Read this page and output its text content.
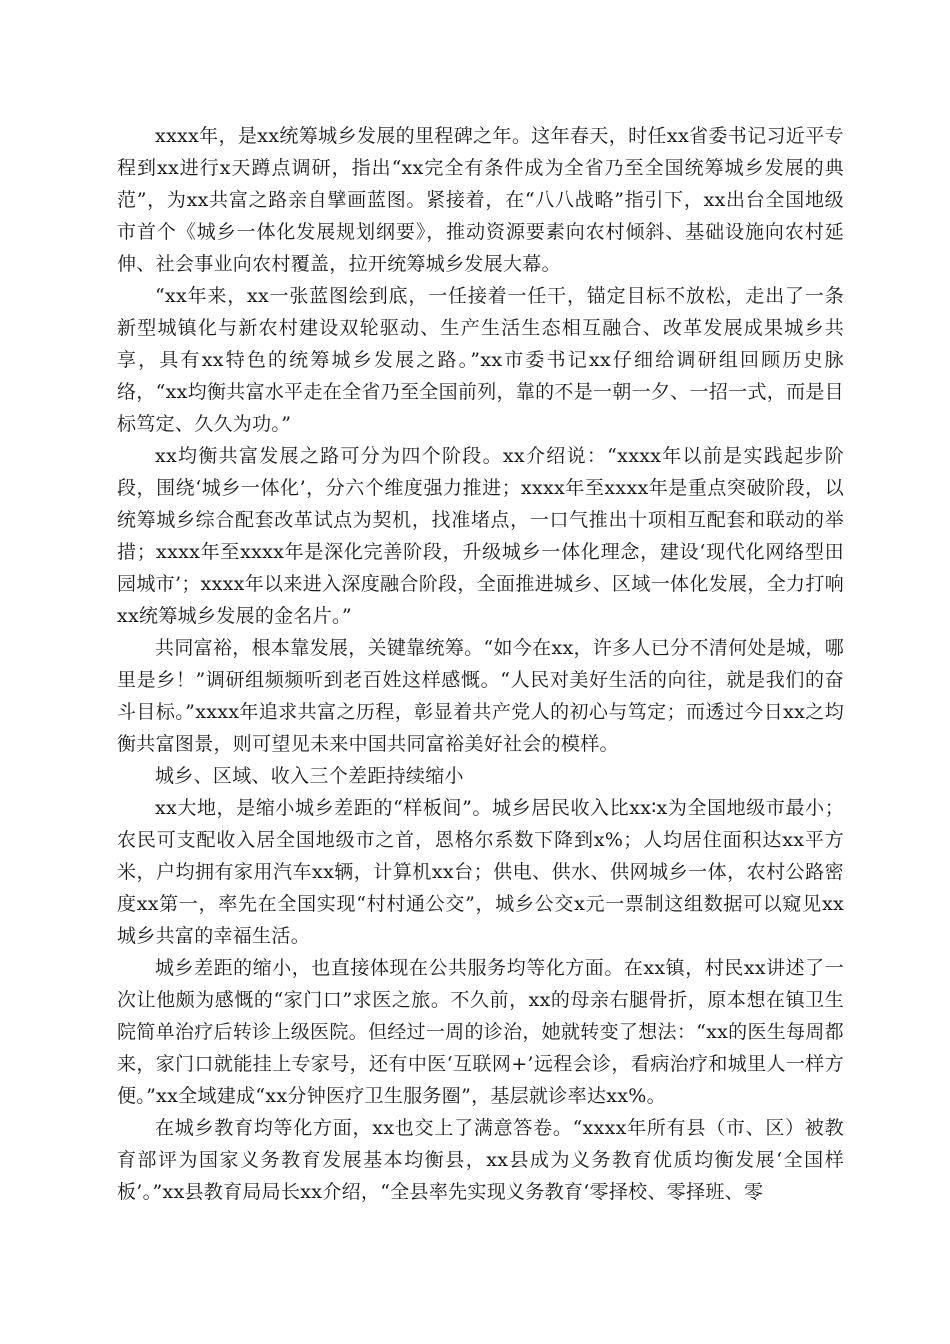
xxxx年，是xx统筹城乡发展的里程碑之年。这年春天，时任xx省委书记习近平专程到xx进行x天蹲点调研，指出“xx完全有条件成为全省乃至全国统筹城乡发展的典范”，为xx共富之路亲自擘画蓝图。紧接着，在“八八战略”指引下，xx出台全国地级市首个《城乡一体化发展规划纲要》，推动资源要素向农村倾斜、基础设施向农村延伸、社会事业向农村覆盖，拉开统筹城乡发展大幕。

“xx年来，xx一张蓝图绘到底，一任接着一任干，锚定目标不放松，走出了一条新型城镇化与新农村建设双轮驱动、生产生活生态相互融合、改革发展成果城乡共享，具有xx特色的统筹城乡发展之路。”xx市委书记xx仔细给调研组回顾历史脉络，“xx均衡共富水平走在全省乃至全国前列，靠的不是一朝一夕、一招一式，而是目标笃定、久久为功。”

xx均衡共富发展之路可分为四个阶段。xx介绍说：“xxxx年以前是实践起步阶段，围绕‘城乡一体化’，分六个维度强力推进；xxxx年至xxxx年是重点突破阶段，以统筹城乡综合配套改革试点为契机，找准堵点，一口气推出十项相互配套和联动的举措；xxxx年至xxxx年是深化完善阶段，升级城乡一体化理念，建设‘现代化网络型田园城市’；xxxx年以来进入深度融合阶段，全面推进城乡、区域一体化发展，全力打响xx统筹城乡发展的金名片。”

共同富裕，根本靠发展，关键靠统筹。“如今在xx，许多人已分不清何处是城，哪里是乡！”调研组频频听到老百姓这样感慨。“人民对美好生活的向往，就是我们的奋斗目标。”xxxx年追求共富之历程，彰显着共产党人的初心与笃定；而透过今日xx之均衡共富图景，则可望见未来中国共同富裕美好社会的模样。

城乡、区域、收入三个差距持续缩小

xx大地，是缩小城乡差距的“样板间”。城乡居民收入比xx∶x为全国地级市最小；农民可支配收入居全国地级市之首，恩格尔系数下降到x%；人均居住面积达xx平方米，户均拥有家用汽车xx辆，计算机xx台；供电、供水、供网城乡一体，农村公路密度xx第一，率先在全国实现“村村通公交”，城乡公交x元一票制这组数据可以窥见xx城乡共富的幸福生活。

城乡差距的缩小，也直接体现在公共服务均等化方面。在xx镇，村民xx讲述了一次让他颇为感慨的“家门口”求医之旅。不久前，xx的母亲右腿骨折，原本想在镇卫生院简单治疗后转诊上级医院。但经过一周的诊治，她就转变了想法：“xx的医生每周都来，家门口就能挂上专家号，还有中医‘互联网+’远程会诊，看病治疗和城里人一样方便。”xx全域建成“xx分钟医疗卫生服务圈”，基层就诊率达xx%。

在城乡教育均等化方面，xx也交上了满意答卷。“xxxx年所有县（市、区）被教育部评为国家义务教育发展基本均衡县，xx县成为义务教育优质均衡发展‘全国样板’。”xx县教育局局长xx介绍，“全县率先实现义务教育‘零择校、零择班、零
